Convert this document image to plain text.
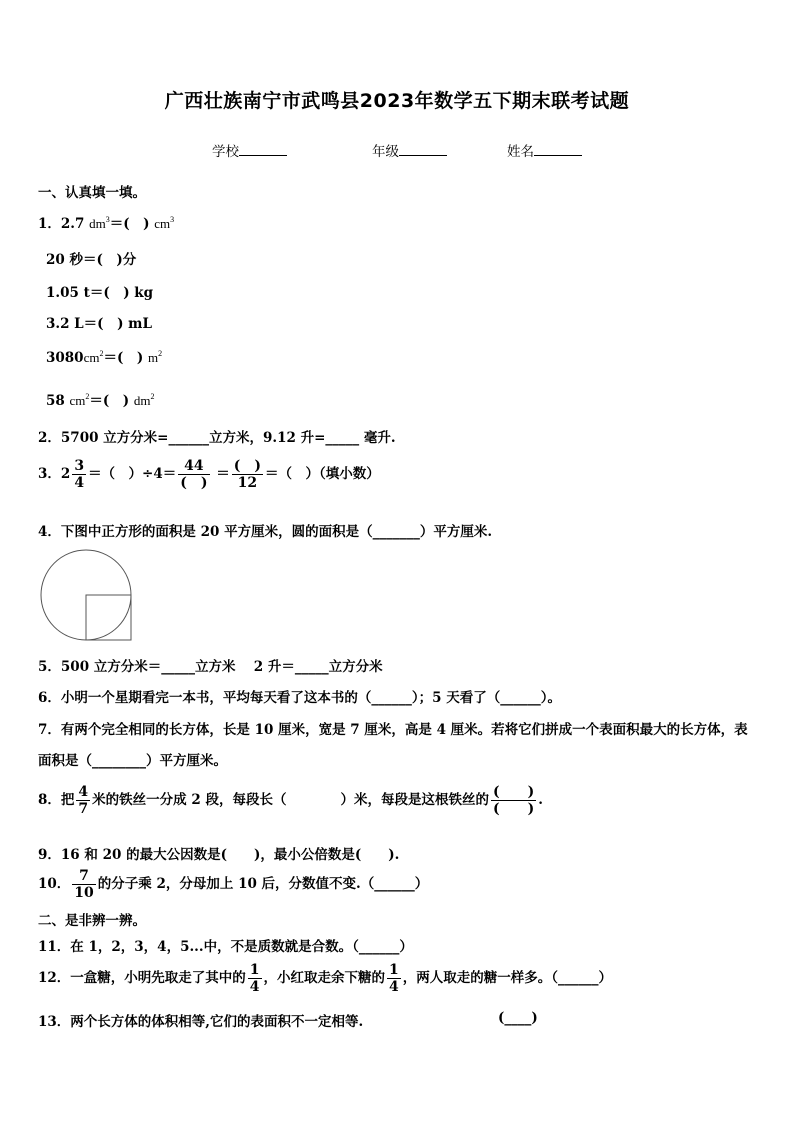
广西壮族南宁市武鸣县2023年数学五下期末联考试题
学校	年级	姓名
一、认真填一填。
1．2.7 $dm^3=$(　) $cm^3$
20 秒＝(　)分
1.05 t＝(　) kg
3.2 L＝(　) mL
$3080cm^2=$(　) $m^2$
58 $cm^2=$(　) $dm^2$
2．5700 立方分米=______立方米，9.12 升=_____ 毫升.
3．$2 \frac{3}{4}$ ＝（　）$\div 4= \frac{44}{( )} = \frac{( )}{12}$ ＝（　）（填小数）
4．下图中正方形的面积是 20 平方厘米，圆的面积是（_______）平方厘米.
5．500 立方分米＝_____立方米　 2 升＝_____立方分米
6．小明一个星期看完一本书，平均每天看了这本书的（______）；5 天看了（______）。
7．有两个完全相同的长方体，长是 10 厘米，宽是 7 厘米，高是 4 厘米。若将它们拼成一个表面积最大的长方体，表
面积是（________）平方厘米。
8．把 $\frac{4}{7}$ 米的铁丝一分成 2 段，每段长（　　　　）米，每段是这根铁丝的 $\frac{( )}{( )}$ .
9．16 和 20 的最大公因数是(　　)，最小公倍数是(　　).
10． $\frac{7}{10}$ 的分子乘 2，分母加上 10 后，分数值不变.（______）
二、是非辨一辨。
11．在 1，2，3，4，5...中，不是质数就是合数。（______）
12．一盒糖，小明先取走了其中的 $\frac{1}{4}$ ，小红取走余下糖的 $\frac{1}{4}$ ，两人取走的糖一样多。（______）
13．两个长方体的体积相等,它们的表面积不一定相等.	(____)
